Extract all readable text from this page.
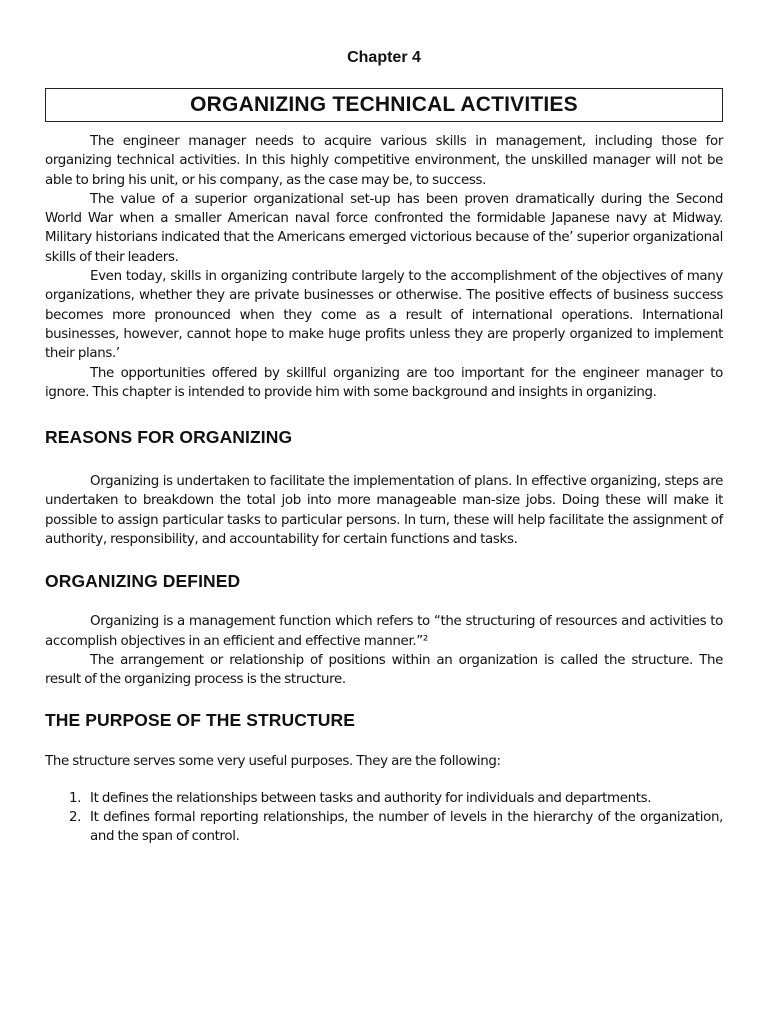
Chapter 4
ORGANIZING TECHNICAL ACTIVITIES

The engineer manager needs to acquire various skills in management, including those for organizing technical activities. In this highly competitive environment, the unskilled manager will not be able to bring his unit, or his company, as the case may be, to success.

The value of a superior organizational set-up has been proven dramatically during the Second World War when a smaller American naval force confronted the formidable Japanese navy at Midway. Military historians indicated that the Americans emerged victorious because of the’ superior organizational skills of their leaders.

Even today, skills in organizing contribute largely to the accomplishment of the objectives of many organizations, whether they are private businesses or otherwise. The positive effects of business success becomes more pronounced when they come as a result of international operations. International businesses, however, cannot hope to make huge profits unless they are properly organized to implement their plans.’

The opportunities offered by skillful organizing are too important for the engineer manager to ignore. This chapter is intended to provide him with some background and insights in organizing.

REASONS FOR ORGANIZING

Organizing is undertaken to facilitate the implementation of plans. In effective organizing, steps are undertaken to breakdown the total job into more manageable man-size jobs. Doing these will make it possible to assign particular tasks to particular persons. In turn, these will help facilitate the assignment of authority, responsibility, and accountability for certain functions and tasks.

ORGANIZING DEFINED

Organizing is a management function which refers to “the structuring of resources and activities to accomplish objectives in an efficient and effective manner.”²

The arrangement or relationship of positions within an organization is called the structure. The result of the organizing process is the structure.

THE PURPOSE OF THE STRUCTURE

The structure serves some very useful purposes. They are the following:

1. It defines the relationships between tasks and authority for individuals and departments.
2. It defines formal reporting relationships, the number of levels in the hierarchy of the organization, and the span of control.
